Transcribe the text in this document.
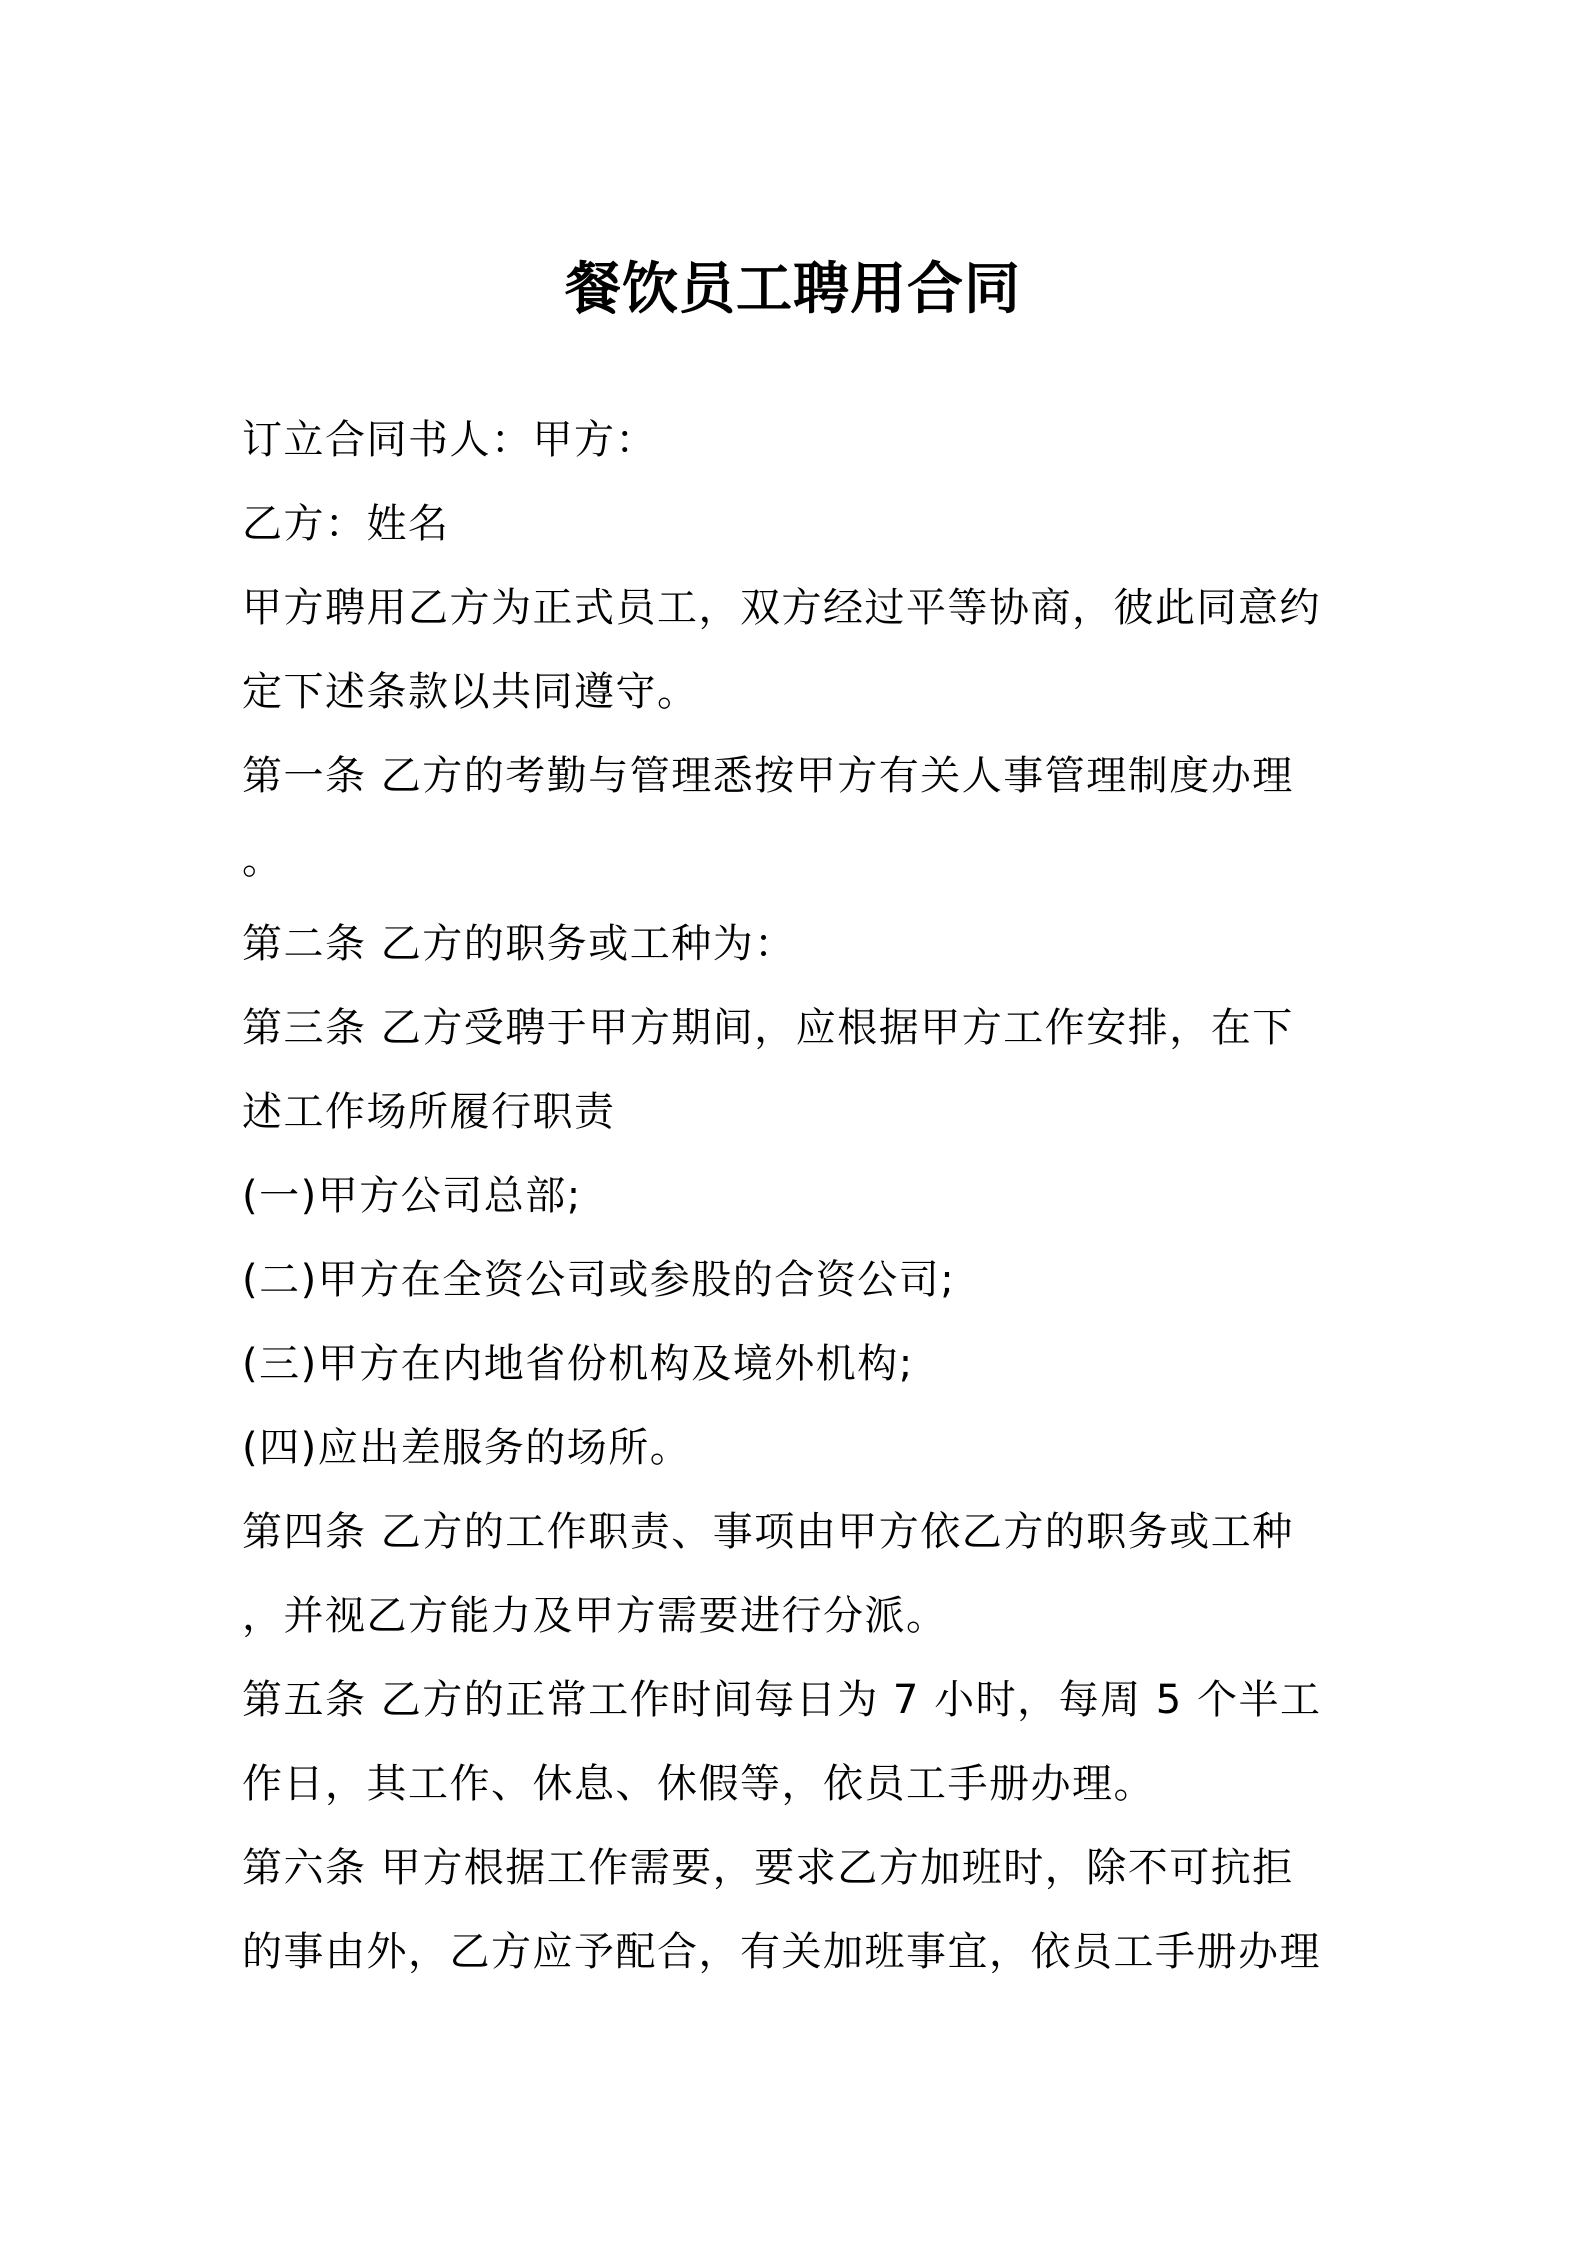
餐饮员工聘用合同
订立合同书人：甲方：
乙方：姓名
甲方聘用乙方为正式员工，双方经过平等协商，彼此同意约
定下述条款以共同遵守。
第一条 乙方的考勤与管理悉按甲方有关人事管理制度办理
。
第二条 乙方的职务或工种为：
第三条 乙方受聘于甲方期间，应根据甲方工作安排，在下
述工作场所履行职责
(一)甲方公司总部;
(二)甲方在全资公司或参股的合资公司;
(三)甲方在内地省份机构及境外机构;
(四)应出差服务的场所。
第四条 乙方的工作职责、事项由甲方依乙方的职务或工种
，并视乙方能力及甲方需要进行分派。
第五条 乙方的正常工作时间每日为 7 小时，每周 5 个半工
作日，其工作、休息、休假等，依员工手册办理。
第六条 甲方根据工作需要，要求乙方加班时，除不可抗拒
的事由外，乙方应予配合，有关加班事宜，依员工手册办理
